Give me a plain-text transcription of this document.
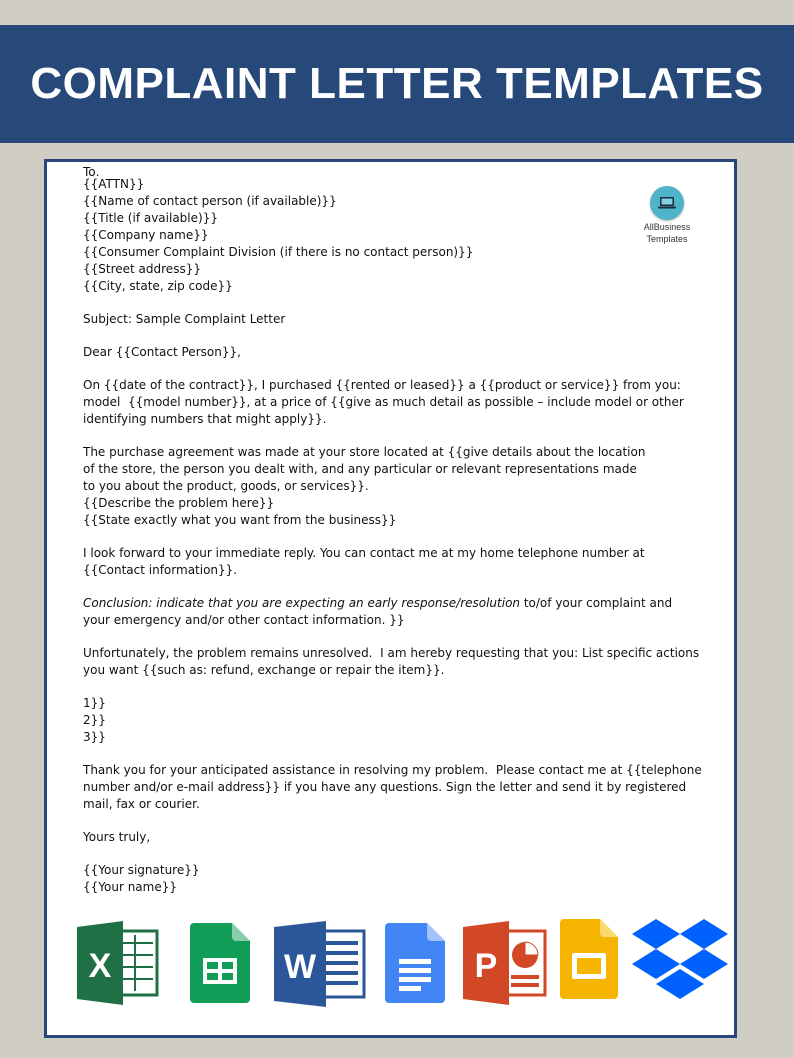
COMPLAINT LETTER TEMPLATES
AllBusiness
Templates
To,
{{ATTN}}
{{Name of contact person (if available)}}
{{Title (if available)}}
{{Company name}}
{{Consumer Complaint Division (if there is no contact person)}}
{{Street address}}
{{City, state, zip code}}
Subject: Sample Complaint Letter
Dear {{Contact Person}},
On {{date of the contract}}, I purchased {{rented or leased}} a {{product or service}} from you:
model  {{model number}}, at a price of {{give as much detail as possible – include model or other
identifying numbers that might apply}}.
The purchase agreement was made at your store located at {{give details about the location
of the store, the person you dealt with, and any particular or relevant representations made
to you about the product, goods, or services}}.
{{Describe the problem here}}
{{State exactly what you want from the business}}
I look forward to your immediate reply. You can contact me at my home telephone number at
{{Contact information}}.
Conclusion: indicate that you are expecting an early response/resolution to/of your complaint and
your emergency and/or other contact information. }}
Unfortunately, the problem remains unresolved.  I am hereby requesting that you: List specific actions
you want {{such as: refund, exchange or repair the item}}.
1}}
2}}
3}}
Thank you for your anticipated assistance in resolving my problem.  Please contact me at {{telephone
number and/or e-mail address}} if you have any questions. Sign the letter and send it by registered
mail, fax or courier.
Yours truly,
{{Your signature}}
{{Your name}}
X	W	P
